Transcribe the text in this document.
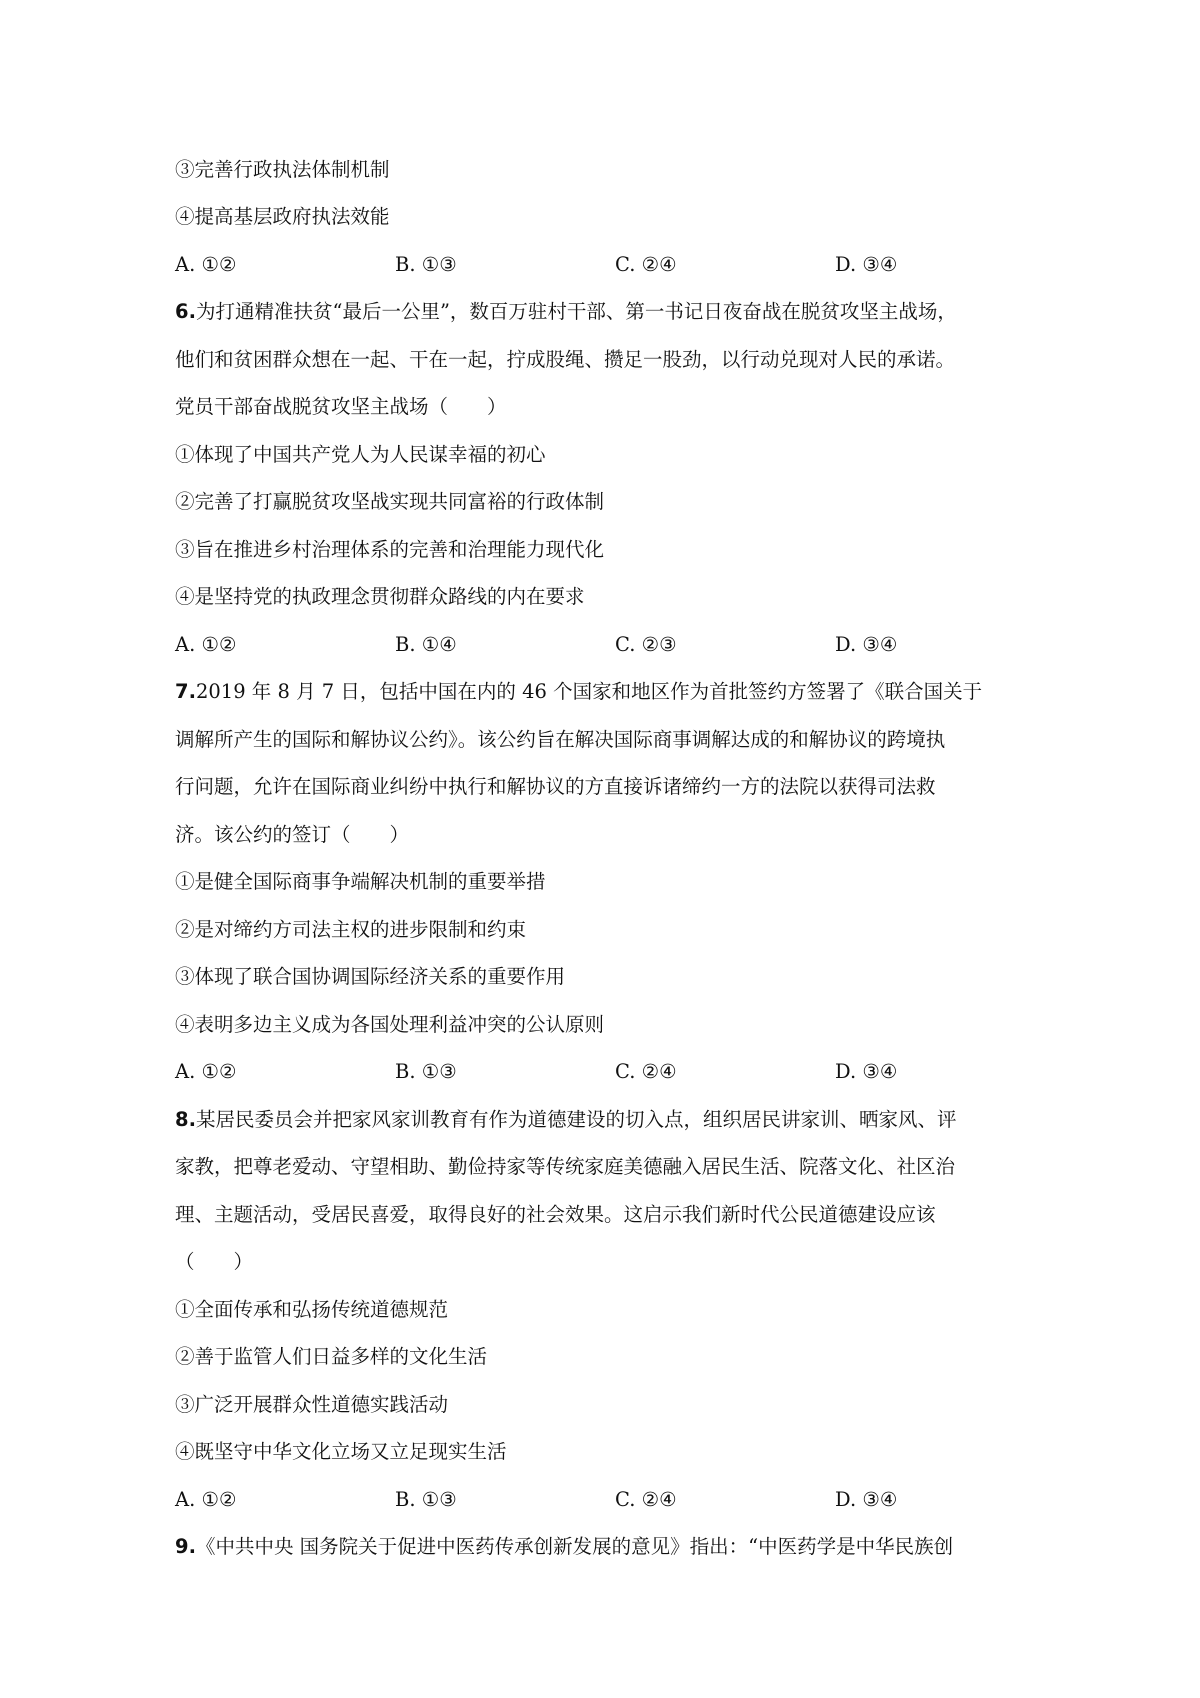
③完善行政执法体制机制
④提高基层政府执法效能
A. ①②	B. ①③	C. ②④	D. ③④
6.为打通精准扶贫“最后一公里”，数百万驻村干部、第一书记日夜奋战在脱贫攻坚主战场，
他们和贫困群众想在一起、干在一起，拧成股绳、攒足一股劲，以行动兑现对人民的承诺。
党员干部奋战脱贫攻坚主战场（　　）
①体现了中国共产党人为人民谋幸福的初心
②完善了打赢脱贫攻坚战实现共同富裕的行政体制
③旨在推进乡村治理体系的完善和治理能力现代化
④是坚持党的执政理念贯彻群众路线的内在要求
A. ①②	B. ①④	C. ②③	D. ③④
7.2019 年 8 月 7 日，包括中国在内的 46 个国家和地区作为首批签约方签署了《联合国关于
调解所产生的国际和解协议公约》。该公约旨在解决国际商事调解达成的和解协议的跨境执
行问题，允许在国际商业纠纷中执行和解协议的方直接诉诸缔约一方的法院以获得司法救
济。该公约的签订（　　）
①是健全国际商事争端解决机制的重要举措
②是对缔约方司法主权的进步限制和约束
③体现了联合国协调国际经济关系的重要作用
④表明多边主义成为各国处理利益冲突的公认原则
A. ①②	B. ①③	C. ②④	D. ③④
8.某居民委员会并把家风家训教育有作为道德建设的切入点，组织居民讲家训、晒家风、评
家教，把尊老爱动、守望相助、勤俭持家等传统家庭美德融入居民生活、院落文化、社区治
理、主题活动，受居民喜爱，取得良好的社会效果。这启示我们新时代公民道德建设应该
（　　）
①全面传承和弘扬传统道德规范
②善于监管人们日益多样的文化生活
③广泛开展群众性道德实践活动
④既坚守中华文化立场又立足现实生活
A. ①②	B. ①③	C. ②④	D. ③④
9.《中共中央 国务院关于促进中医药传承创新发展的意见》指出：“中医药学是中华民族创
